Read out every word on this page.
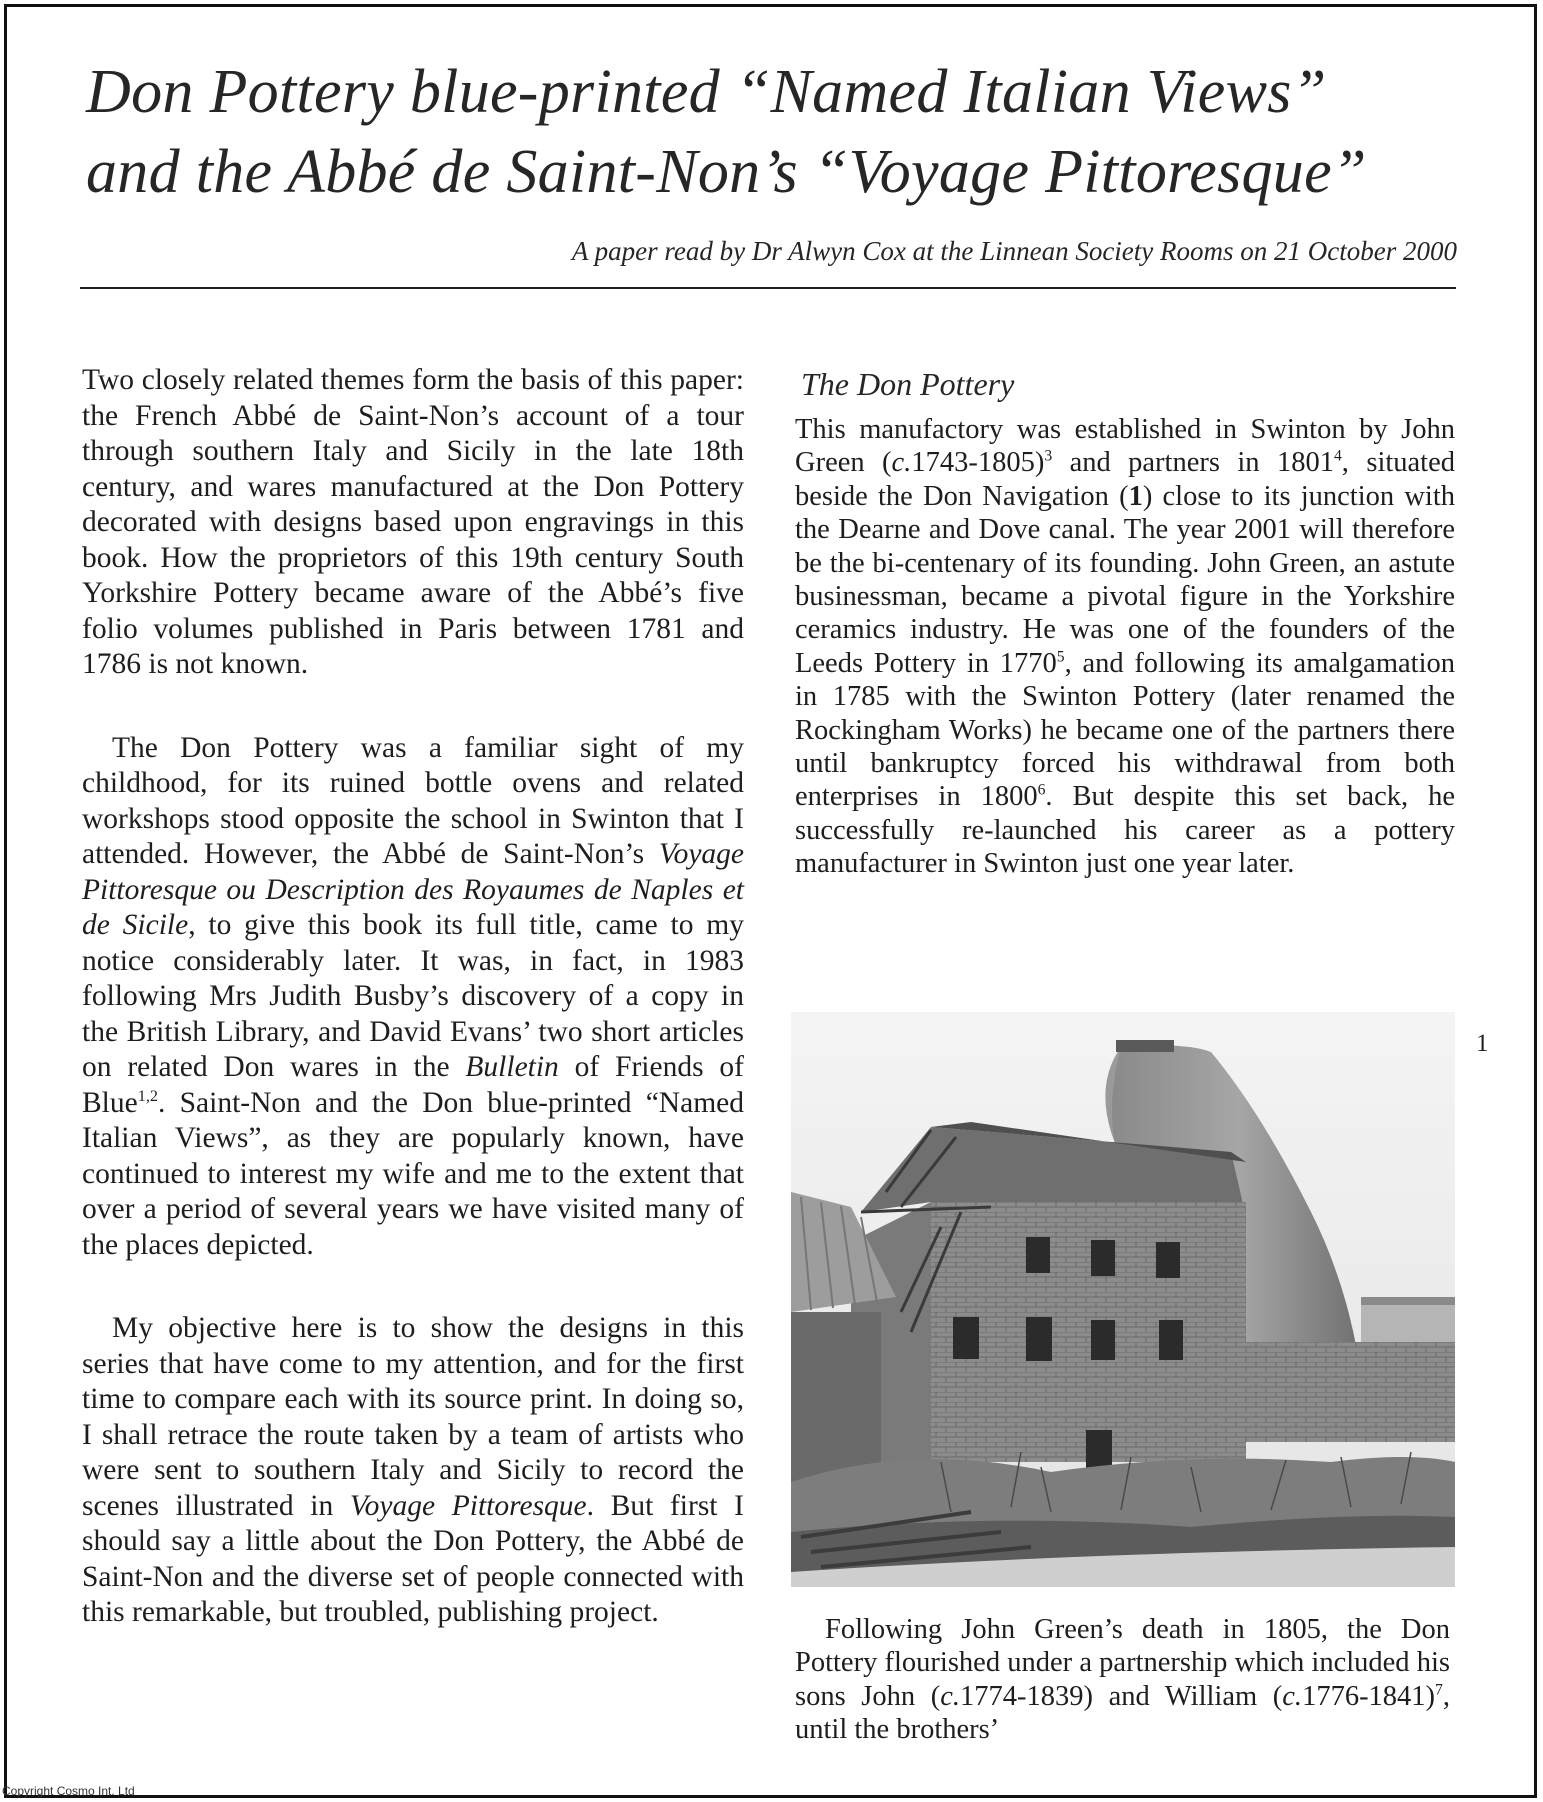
Don Pottery blue-printed “Named Italian Views”
and the Abbé de Saint-Non’s “Voyage Pittoresque”
A paper read by Dr Alwyn Cox at the Linnean Society Rooms on 21 October 2000

Two closely related themes form the basis of this paper: the French Abbé de Saint-Non’s account of a tour through southern Italy and Sicily in the late 18th century, and wares manufactured at the Don Pottery decorated with designs based upon engravings in this book. How the proprietors of this 19th century South Yorkshire Pottery became aware of the Abbé’s five folio volumes published in Paris between 1781 and 1786 is not known.

The Don Pottery was a familiar sight of my childhood, for its ruined bottle ovens and related workshops stood opposite the school in Swinton that I attended. However, the Abbé de Saint-Non’s Voyage Pittoresque ou Description des Royaumes de Naples et de Sicile, to give this book its full title, came to my notice considerably later. It was, in fact, in 1983 following Mrs Judith Busby’s discovery of a copy in the British Library, and David Evans’ two short articles on related Don wares in the Bulletin of Friends of Blue$^{1,2}$. Saint-Non and the Don blue-printed “Named Italian Views”, as they are popularly known, have continued to interest my wife and me to the extent that over a period of several years we have visited many of the places depicted.

My objective here is to show the designs in this series that have come to my attention, and for the first time to compare each with its source print. In doing so, I shall retrace the route taken by a team of artists who were sent to southern Italy and Sicily to record the scenes illustrated in Voyage Pittoresque. But first I should say a little about the Don Pottery, the Abbé de Saint-Non and the diverse set of people connected with this remarkable, but troubled, publishing project.

The Don Pottery

This manufactory was established in Swinton by John Green $(c.1743-1805)^3$ and partners in 1801$^4$, situated beside the Don Navigation (1) close to its junction with the Dearne and Dove canal. The year 2001 will therefore be the bi-centenary of its founding. John Green, an astute businessman, became a pivotal figure in the Yorkshire ceramics industry. He was one of the founders of the Leeds Pottery in 1770$^5$, and following its amalgamation in 1785 with the Swinton Pottery (later renamed the Rockingham Works) he became one of the partners there until bankruptcy forced his withdrawal from both enterprises in 1800$^6$. But despite this set back, he successfully re-launched his career as a pottery manufacturer in Swinton just one year later.

1

Following John Green’s death in 1805, the Don Pottery flourished under a partnership which included his sons John (c.1774-1839) and William $(c.1776-1841)^7$, until the brothers’

Copyright Cosmo Int. Ltd
